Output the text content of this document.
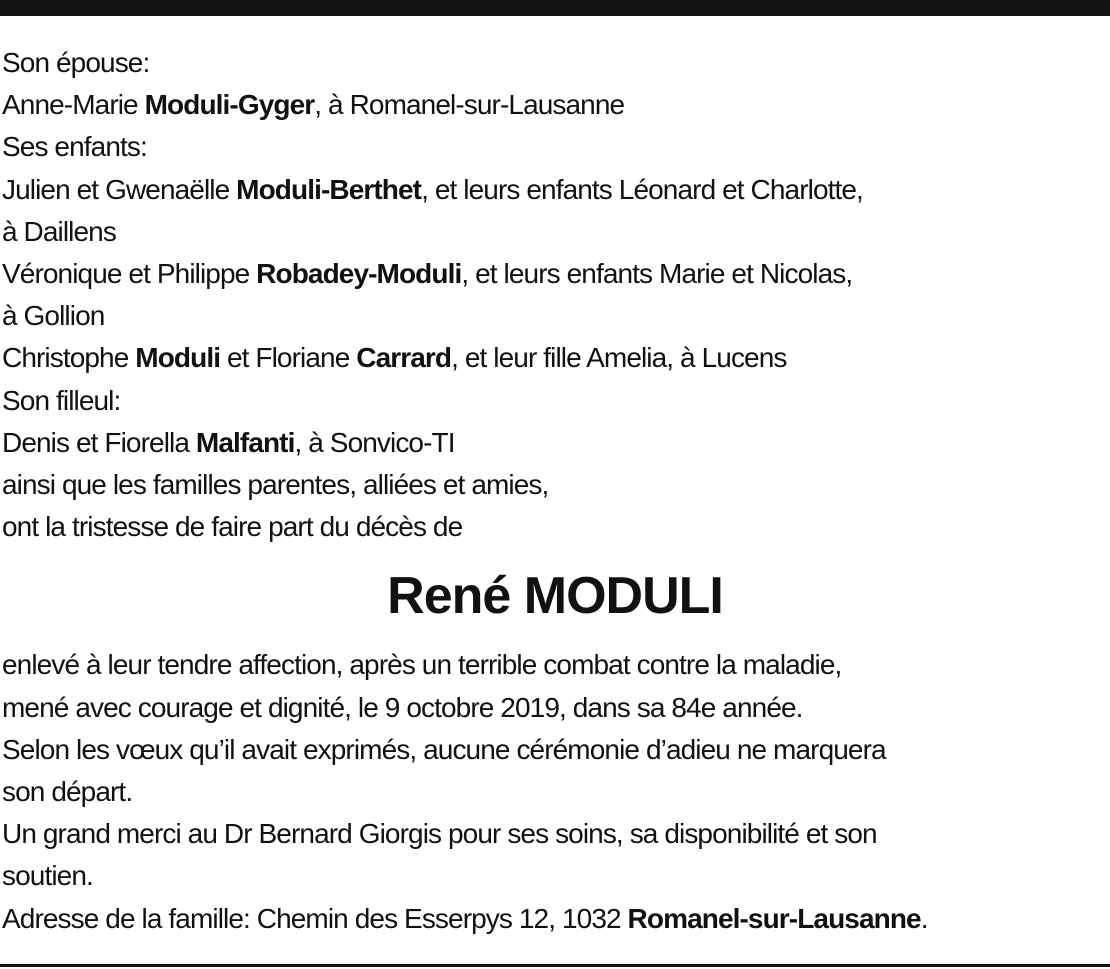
Son épouse:
Anne-Marie Moduli-Gyger, à Romanel-sur-Lausanne
Ses enfants:
Julien et Gwenaëlle Moduli-Berthet, et leurs enfants Léonard et Charlotte,
à Daillens
Véronique et Philippe Robadey-Moduli, et leurs enfants Marie et Nicolas,
à Gollion
Christophe Moduli et Floriane Carrard, et leur fille Amelia, à Lucens
Son filleul:
Denis et Fiorella Malfanti, à Sonvico-TI
ainsi que les familles parentes, alliées et amies,
ont la tristesse de faire part du décès de
René MODULI
enlevé à leur tendre affection, après un terrible combat contre la maladie,
mené avec courage et dignité, le 9 octobre 2019, dans sa 84e année.
Selon les vœux qu’il avait exprimés, aucune cérémonie d’adieu ne marquera
son départ.
Un grand merci au Dr Bernard Giorgis pour ses soins, sa disponibilité et son
soutien.
Adresse de la famille: Chemin des Esserpys 12, 1032 Romanel-sur-Lausanne.
